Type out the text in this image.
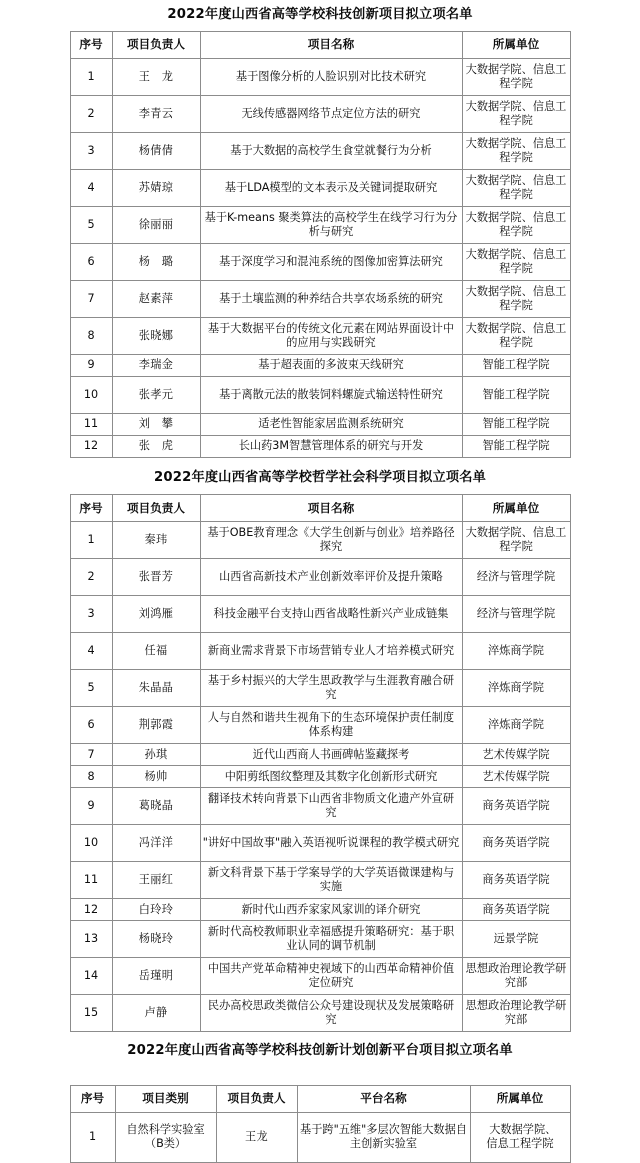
2022年度山西省高等学校科技创新项目拟立项名单
序号	项目负责人	项目名称	所属单位
1	王　龙	基于图像分析的人脸识别对比技术研究	大数据学院、信息工程学院
2	李青云	无线传感器网络节点定位方法的研究	大数据学院、信息工程学院
3	杨倩倩	基于大数据的高校学生食堂就餐行为分析	大数据学院、信息工程学院
4	苏婧琼	基于LDA模型的文本表示及关键词提取研究	大数据学院、信息工程学院
5	徐丽丽	基于K-means 聚类算法的高校学生在线学习行为分析与研究	大数据学院、信息工程学院
6	杨　璐	基于深度学习和混沌系统的图像加密算法研究	大数据学院、信息工程学院
7	赵素萍	基于土壤监测的种养结合共享农场系统的研究	大数据学院、信息工程学院
8	张晓娜	基于大数据平台的传统文化元素在网站界面设计中的应用与实践研究	大数据学院、信息工程学院
9	李瑞金	基于超表面的多波束天线研究	智能工程学院
10	张孝元	基于离散元法的散装饲料螺旋式输送特性研究	智能工程学院
11	刘　攀	适老性智能家居监测系统研究	智能工程学院
12	张　虎	长山药3M智慧管理体系的研究与开发	智能工程学院
2022年度山西省高等学校哲学社会科学项目拟立项名单
序号	项目负责人	项目名称	所属单位
1	秦玮	基于OBE教育理念《大学生创新与创业》培养路径探究	大数据学院、信息工程学院
2	张晋芳	山西省高新技术产业创新效率评价及提升策略	经济与管理学院
3	刘鸿雁	科技金融平台支持山西省战略性新兴产业成链集	经济与管理学院
4	任福	新商业需求背景下市场营销专业人才培养模式研究	淬炼商学院
5	朱晶晶	基于乡村振兴的大学生思政教学与生涯教育融合研究	淬炼商学院
6	荆郭霞	人与自然和谐共生视角下的生态环境保护责任制度体系构建	淬炼商学院
7	孙琪	近代山西商人书画碑帖鉴藏探考	艺术传媒学院
8	杨帅	中阳剪纸图纹整理及其数字化创新形式研究	艺术传媒学院
9	葛晓晶	翻译技术转向背景下山西省非物质文化遗产外宣研究	商务英语学院
10	冯洋洋	"讲好中国故事"融入英语视听说课程的教学模式研究	商务英语学院
11	王丽红	新文科背景下基于学案导学的大学英语微课建构与实施	商务英语学院
12	白玲玲	新时代山西乔家家风家训的译介研究	商务英语学院
13	杨晓玲	新时代高校教师职业幸福感提升策略研究：基于职业认同的调节机制	远景学院
14	岳瑾明	中国共产党革命精神史视域下的山西革命精神价值定位研究	思想政治理论教学研究部
15	卢静	民办高校思政类微信公众号建设现状及发展策略研究	思想政治理论教学研究部
2022年度山西省高等学校科技创新计划创新平台项目拟立项名单
序号	项目类别	项目负责人	平台名称	所属单位
1	自然科学实验室（B类）	王龙	基于跨"五维"多层次智能大数据自主创新实验室	大数据学院、　　信息工程学院
